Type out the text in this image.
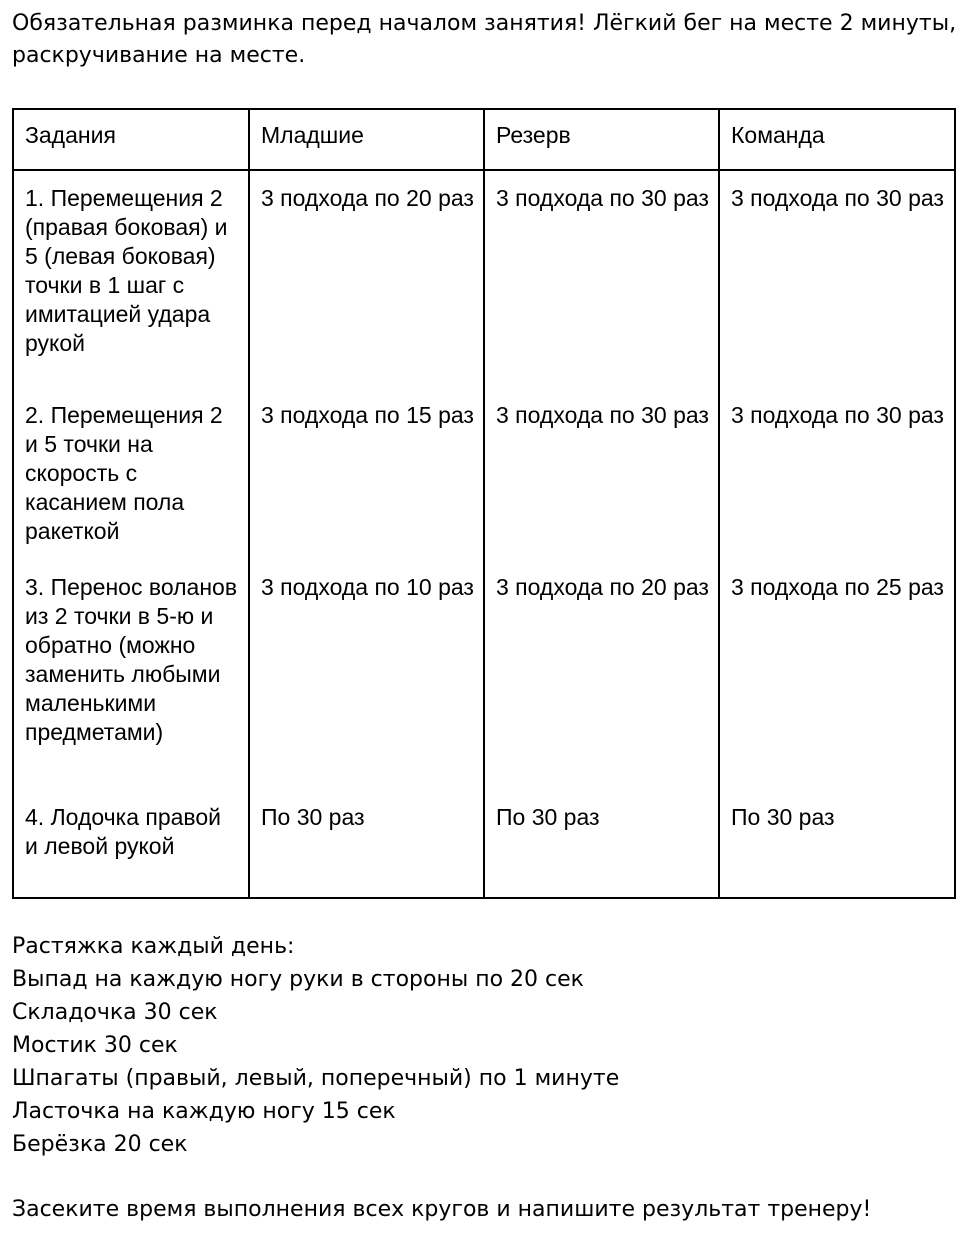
Обязательная разминка перед началом занятия! Лёгкий бег на месте 2 минуты, раскручивание на месте.

Задания	Младшие	Резерв	Команда
1. Перемещения 2 (правая боковая) и 5 (левая боковая) точки в 1 шаг с имитацией удара рукой	3 подхода по 20 раз	3 подхода по 30 раз	3 подхода по 30 раз
2. Перемещения 2 и 5 точки на скорость с касанием пола ракеткой	3 подхода по 15 раз	3 подхода по 30 раз	3 подхода по 30 раз
3. Перенос воланов из 2 точки в 5-ю и обратно (можно заменить любыми маленькими предметами)	3 подхода по 10 раз	3 подхода по 20 раз	3 подхода по 25 раз
4. Лодочка правой и левой рукой	По 30 раз	По 30 раз	По 30 раз
Растяжка каждый день:
Выпад на каждую ногу руки в стороны по 20 сек
Складочка 30 сек
Мостик 30 сек
Шпагаты (правый, левый, поперечный) по 1 минуте
Ласточка на каждую ногу 15 сек
Берёзка 20 сек
Засеките время выполнения всех кругов и напишите результат тренеру!
